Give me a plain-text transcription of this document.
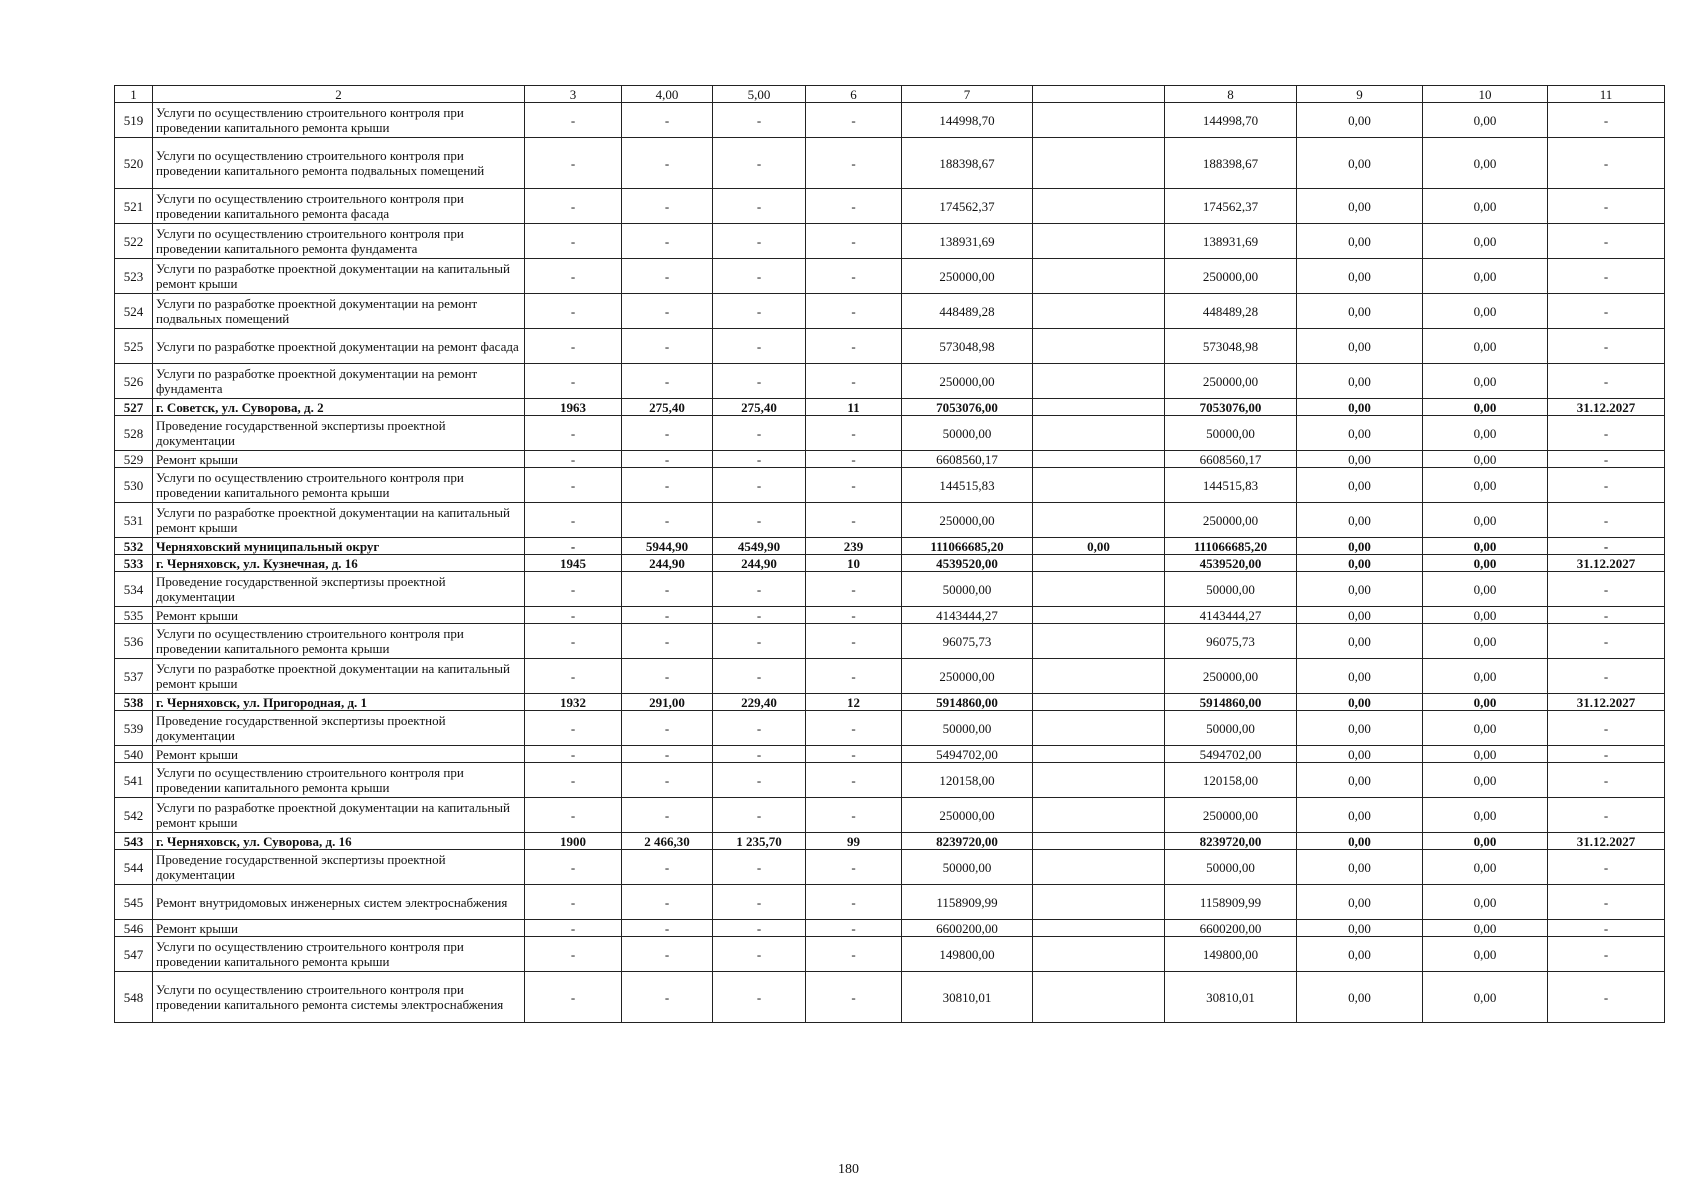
1	2	3	4,00	5,00	6	7		8	9	10	11
519	Услуги по осуществлению строительного контроля при проведении капитального ремонта крыши	-	-	-	-	144998,70		144998,70	0,00	0,00	-
520	Услуги по осуществлению строительного контроля при проведении капитального ремонта подвальных помещений	-	-	-	-	188398,67		188398,67	0,00	0,00	-
521	Услуги по осуществлению строительного контроля при проведении капитального ремонта фасада	-	-	-	-	174562,37		174562,37	0,00	0,00	-
522	Услуги по осуществлению строительного контроля при проведении капитального ремонта фундамента	-	-	-	-	138931,69		138931,69	0,00	0,00	-
523	Услуги по разработке проектной документации на капитальный ремонт крыши	-	-	-	-	250000,00		250000,00	0,00	0,00	-
524	Услуги по разработке проектной документации на ремонт подвальных помещений	-	-	-	-	448489,28		448489,28	0,00	0,00	-
525	Услуги по разработке проектной документации на ремонт фасада	-	-	-	-	573048,98		573048,98	0,00	0,00	-
526	Услуги по разработке проектной документации на ремонт фундамента	-	-	-	-	250000,00		250000,00	0,00	0,00	-
527	г. Советск, ул. Суворова, д. 2	1963	275,40	275,40	11	7053076,00		7053076,00	0,00	0,00	31.12.2027
528	Проведение государственной экспертизы проектной документации	-	-	-	-	50000,00		50000,00	0,00	0,00	-
529	Ремонт крыши	-	-	-	-	6608560,17		6608560,17	0,00	0,00	-
530	Услуги по осуществлению строительного контроля при проведении капитального ремонта крыши	-	-	-	-	144515,83		144515,83	0,00	0,00	-
531	Услуги по разработке проектной документации на капитальный ремонт крыши	-	-	-	-	250000,00		250000,00	0,00	0,00	-
532	Черняховский муниципальный округ	-	5944,90	4549,90	239	111066685,20	0,00	111066685,20	0,00	0,00	-
533	г. Черняховск, ул. Кузнечная, д. 16	1945	244,90	244,90	10	4539520,00		4539520,00	0,00	0,00	31.12.2027
534	Проведение государственной экспертизы проектной документации	-	-	-	-	50000,00		50000,00	0,00	0,00	-
535	Ремонт крыши	-	-	-	-	4143444,27		4143444,27	0,00	0,00	-
536	Услуги по осуществлению строительного контроля при проведении капитального ремонта крыши	-	-	-	-	96075,73		96075,73	0,00	0,00	-
537	Услуги по разработке проектной документации на капитальный ремонт крыши	-	-	-	-	250000,00		250000,00	0,00	0,00	-
538	г. Черняховск, ул. Пригородная, д. 1	1932	291,00	229,40	12	5914860,00		5914860,00	0,00	0,00	31.12.2027
539	Проведение государственной экспертизы проектной документации	-	-	-	-	50000,00		50000,00	0,00	0,00	-
540	Ремонт крыши	-	-	-	-	5494702,00		5494702,00	0,00	0,00	-
541	Услуги по осуществлению строительного контроля при проведении капитального ремонта крыши	-	-	-	-	120158,00		120158,00	0,00	0,00	-
542	Услуги по разработке проектной документации на капитальный ремонт крыши	-	-	-	-	250000,00		250000,00	0,00	0,00	-
543	г. Черняховск, ул. Суворова, д. 16	1900	2 466,30	1 235,70	99	8239720,00		8239720,00	0,00	0,00	31.12.2027
544	Проведение государственной экспертизы проектной документации	-	-	-	-	50000,00		50000,00	0,00	0,00	-
545	Ремонт внутридомовых инженерных систем электроснабжения	-	-	-	-	1158909,99		1158909,99	0,00	0,00	-
546	Ремонт крыши	-	-	-	-	6600200,00		6600200,00	0,00	0,00	-
547	Услуги по осуществлению строительного контроля при проведении капитального ремонта крыши	-	-	-	-	149800,00		149800,00	0,00	0,00	-
548	Услуги по осуществлению строительного контроля при проведении капитального ремонта системы электроснабжения	-	-	-	-	30810,01		30810,01	0,00	0,00	-
180
